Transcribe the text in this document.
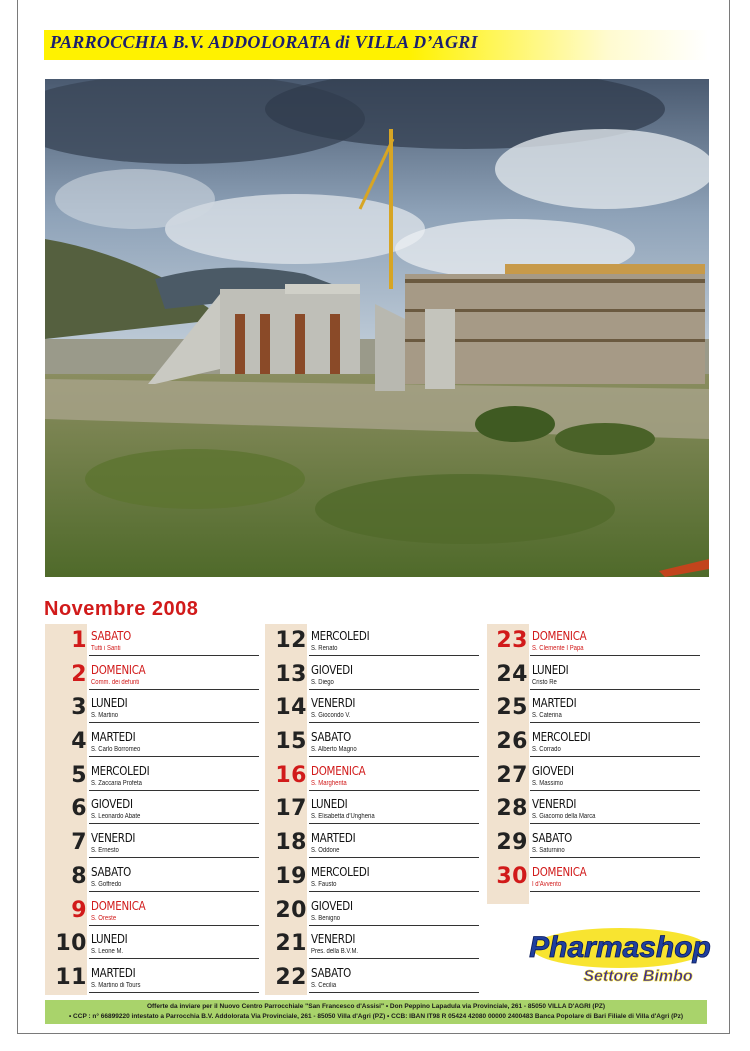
PARROCCHIA B.V. ADDOLORATA di VILLA D’AGRI
Novembre 2008
1 SABATO
Tutti i Santi
2 DOMENICA
Comm. dei defunti
3 LUNEDI
S. Martino
4 MARTEDI
S. Carlo Borromeo
5 MERCOLEDI
S. Zaccaria Profeta
6 GIOVEDI
S. Leonardo Abate
7 VENERDI
S. Ernesto
8 SABATO
S. Goffredo
9 DOMENICA
S. Oreste
10 LUNEDI
S. Leone M.
11 MARTEDI
S. Martino di Tours
12 MERCOLEDI
S. Renato
13 GIOVEDI
S. Diego
14 VENERDI
S. Giocondo V.
15 SABATO
S. Alberto Magno
16 DOMENICA
S. Margherita
17 LUNEDI
S. Elisabetta d'Ungheria
18 MARTEDI
S. Oddone
19 MERCOLEDI
S. Fausto
20 GIOVEDI
S. Benigno
21 VENERDI
Pres. della B.V.M.
22 SABATO
S. Cecilia
23 DOMENICA
S. Clemente I Papa
24 LUNEDI
Cristo Re
25 MARTEDI
S. Caterina
26 MERCOLEDI
S. Corrado
27 GIOVEDI
S. Massimo
28 VENERDI
S. Giacomo della Marca
29 SABATO
S. Saturnino
30 DOMENICA
I d'Avvento
Pharmashop
Settore Bimbo
Offerte da inviare per il Nuovo Centro Parrocchiale "San Francesco d'Assisi" • Don Peppino Lapadula via Provinciale, 261 - 85050 VILLA D'AGRI (PZ)
• CCP : n° 66899220 intestato a Parrocchia B.V. Addolorata Via Provinciale, 261 - 85050 Villa d'Agri (PZ) • CCB: IBAN IT98 R 05424 42080 00000 2400483 Banca Popolare di Bari Filiale di Villa d'Agri (Pz)
